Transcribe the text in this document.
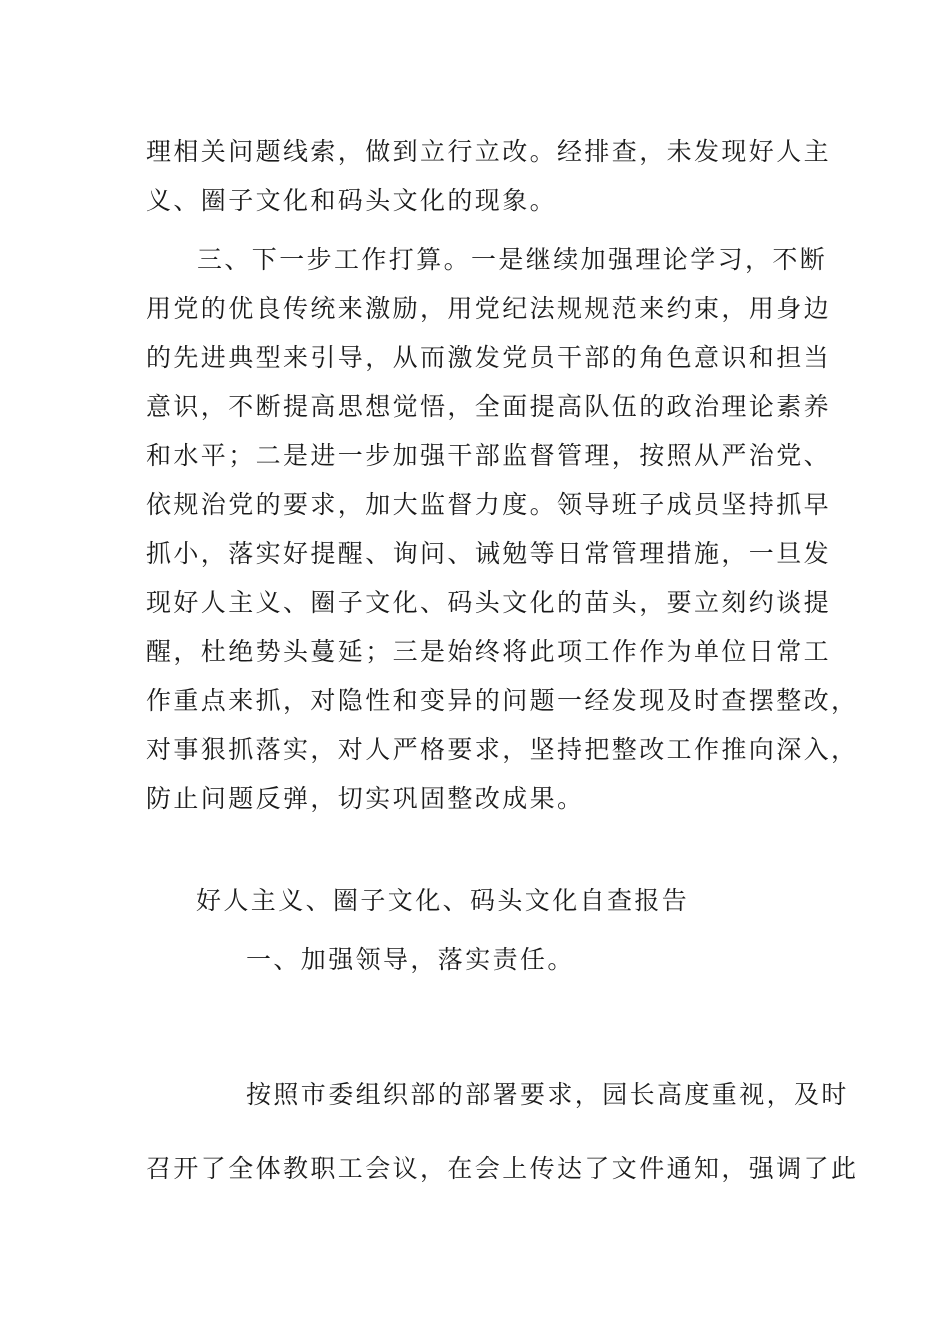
理相关问题线索，做到立行立改。经排查，未发现好人主
义、圈子文化和码头文化的现象。
三、下一步工作打算。一是继续加强理论学习，不断
用党的优良传统来激励，用党纪法规规范来约束，用身边
的先进典型来引导，从而激发党员干部的角色意识和担当
意识，不断提高思想觉悟，全面提高队伍的政治理论素养
和水平；二是进一步加强干部监督管理，按照从严治党、
依规治党的要求，加大监督力度。领导班子成员坚持抓早
抓小，落实好提醒、询问、诫勉等日常管理措施，一旦发
现好人主义、圈子文化、码头文化的苗头，要立刻约谈提
醒，杜绝势头蔓延；三是始终将此项工作作为单位日常工
作重点来抓，对隐性和变异的问题一经发现及时查摆整改，
对事狠抓落实，对人严格要求，坚持把整改工作推向深入，
防止问题反弹，切实巩固整改成果。
好人主义、圈子文化、码头文化自查报告
一、加强领导，落实责任。
按照市委组织部的部署要求，园长高度重视，及时
召开了全体教职工会议，在会上传达了文件通知，强调了此
